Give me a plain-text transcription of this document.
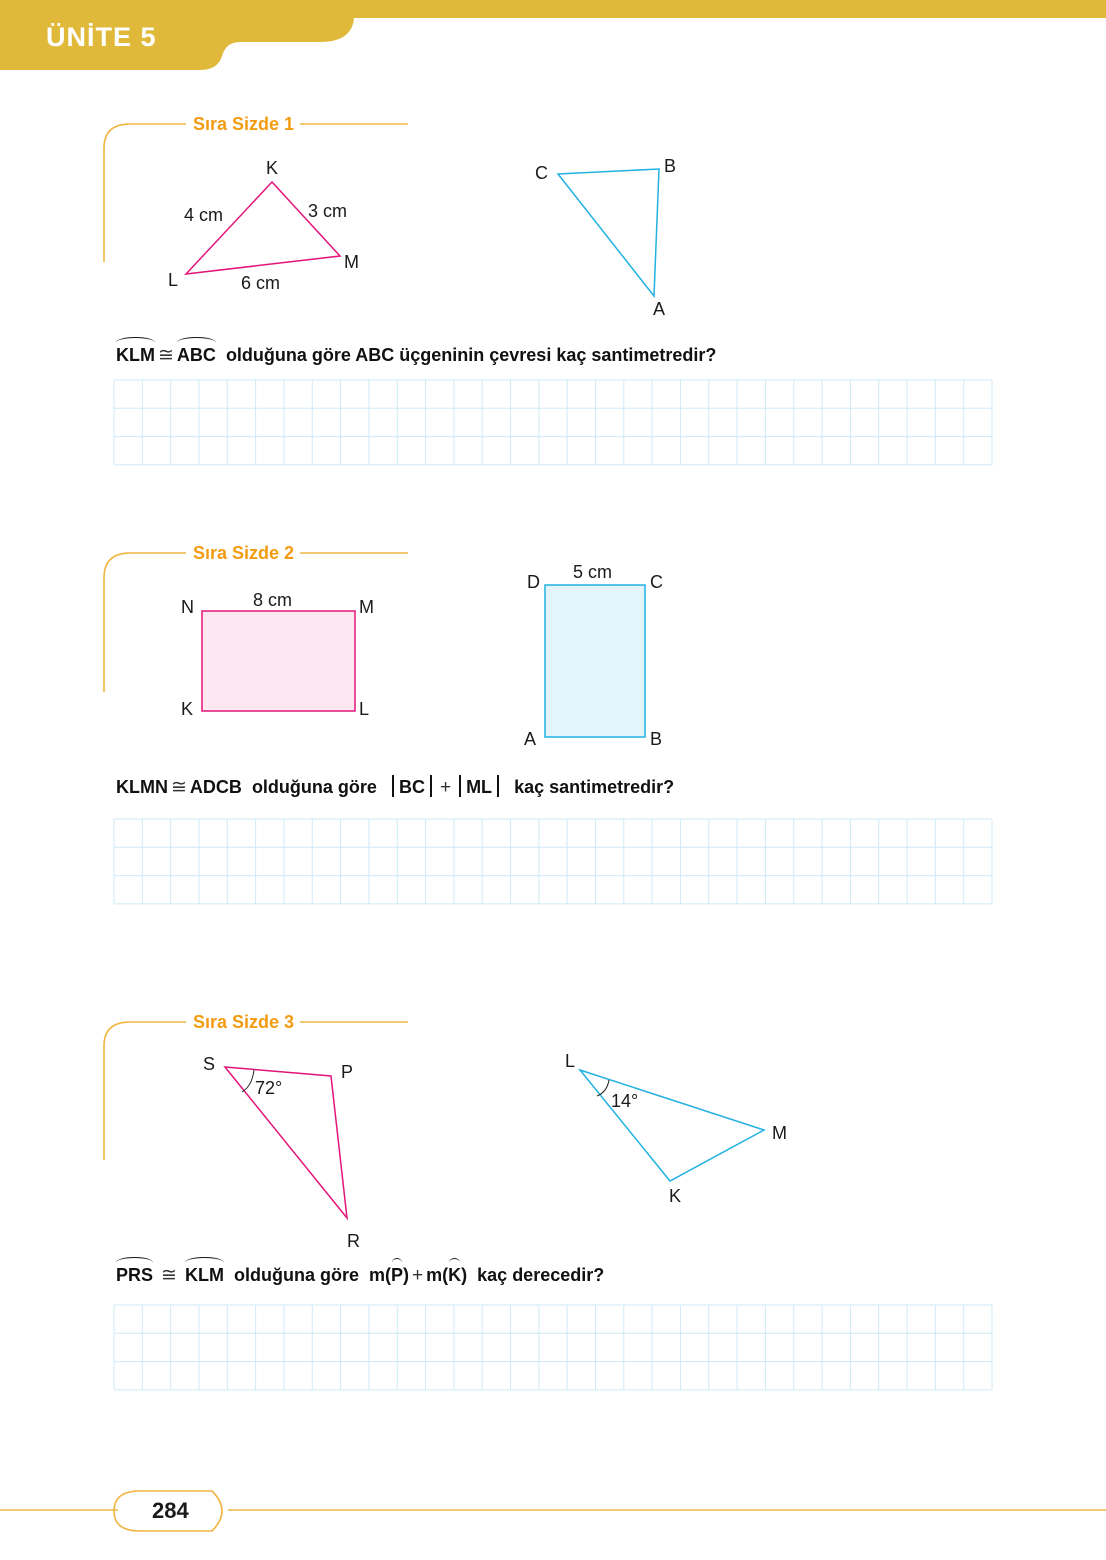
ÜNİTE 5
Sıra Sizde 1
K
L
M
4 cm	3 cm
6 cm
C	B
A
KLM ≅ ABC olduğuna göre ABC üçgeninin çevresi kaç santimetredir?
Sıra Sizde 2
N	M
K	L
8 cm
D	C
A	B
5 cm
KLMN ≅ ADCB olduğuna göre BC + ML kaç santimetredir?
Sıra Sizde 3
S	P
R
72°
L
M
K
14°
PRS ≅ KLM olduğuna göre m(P) + m(K)  kaç derecedir?
284
